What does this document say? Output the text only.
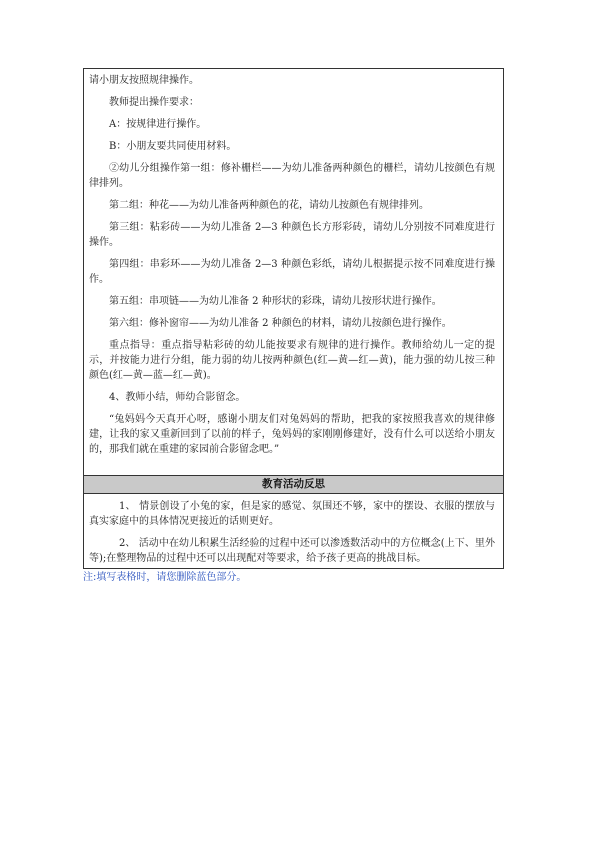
请小朋友按照规律操作。

教师提出操作要求：

A：按规律进行操作。

B：小朋友要共同使用材料。

②幼儿分组操作第一组：修补栅栏——为幼儿准备两种颜色的栅栏，请幼儿按颜色有规律排列。

第二组：种花——为幼儿准备两种颜色的花，请幼儿按颜色有规律排列。

第三组：粘彩砖——为幼儿准备 2—3 种颜色长方形彩砖，请幼儿分别按不同难度进行操作。

第四组：串彩环——为幼儿准备 2—3 种颜色彩纸，请幼儿根据提示按不同难度进行操作。

第五组：串项链——为幼儿准备 2 种形状的彩珠，请幼儿按形状进行操作。

第六组：修补窗帘——为幼儿准备 2 种颜色的材料，请幼儿按颜色进行操作。

重点指导：重点指导粘彩砖的幼儿能按要求有规律的进行操作。教师给幼儿一定的提示，并按能力进行分组，能力弱的幼儿按两种颜色(红—黄—红—黄)，能力强的幼儿按三种颜色(红—黄—蓝—红—黄)。

4、教师小结，师幼合影留念。

“兔妈妈今天真开心呀，感谢小朋友们对兔妈妈的帮助，把我的家按照我喜欢的规律修建，让我的家又重新回到了以前的样子，兔妈妈的家刚刚修建好，没有什么可以送给小朋友的，那我们就在重建的家园前合影留念吧。”

教育活动反思

1、 情景创设了小兔的家，但是家的感觉、氛围还不够，家中的摆设、衣服的摆放与真实家庭中的具体情况更接近的话则更好。

2、 活动中在幼儿积累生活经验的过程中还可以渗透数活动中的方位概念(上下、里外等);在整理物品的过程中还可以出现配对等要求，给予孩子更高的挑战目标。

注:填写表格时，请您删除蓝色部分。
